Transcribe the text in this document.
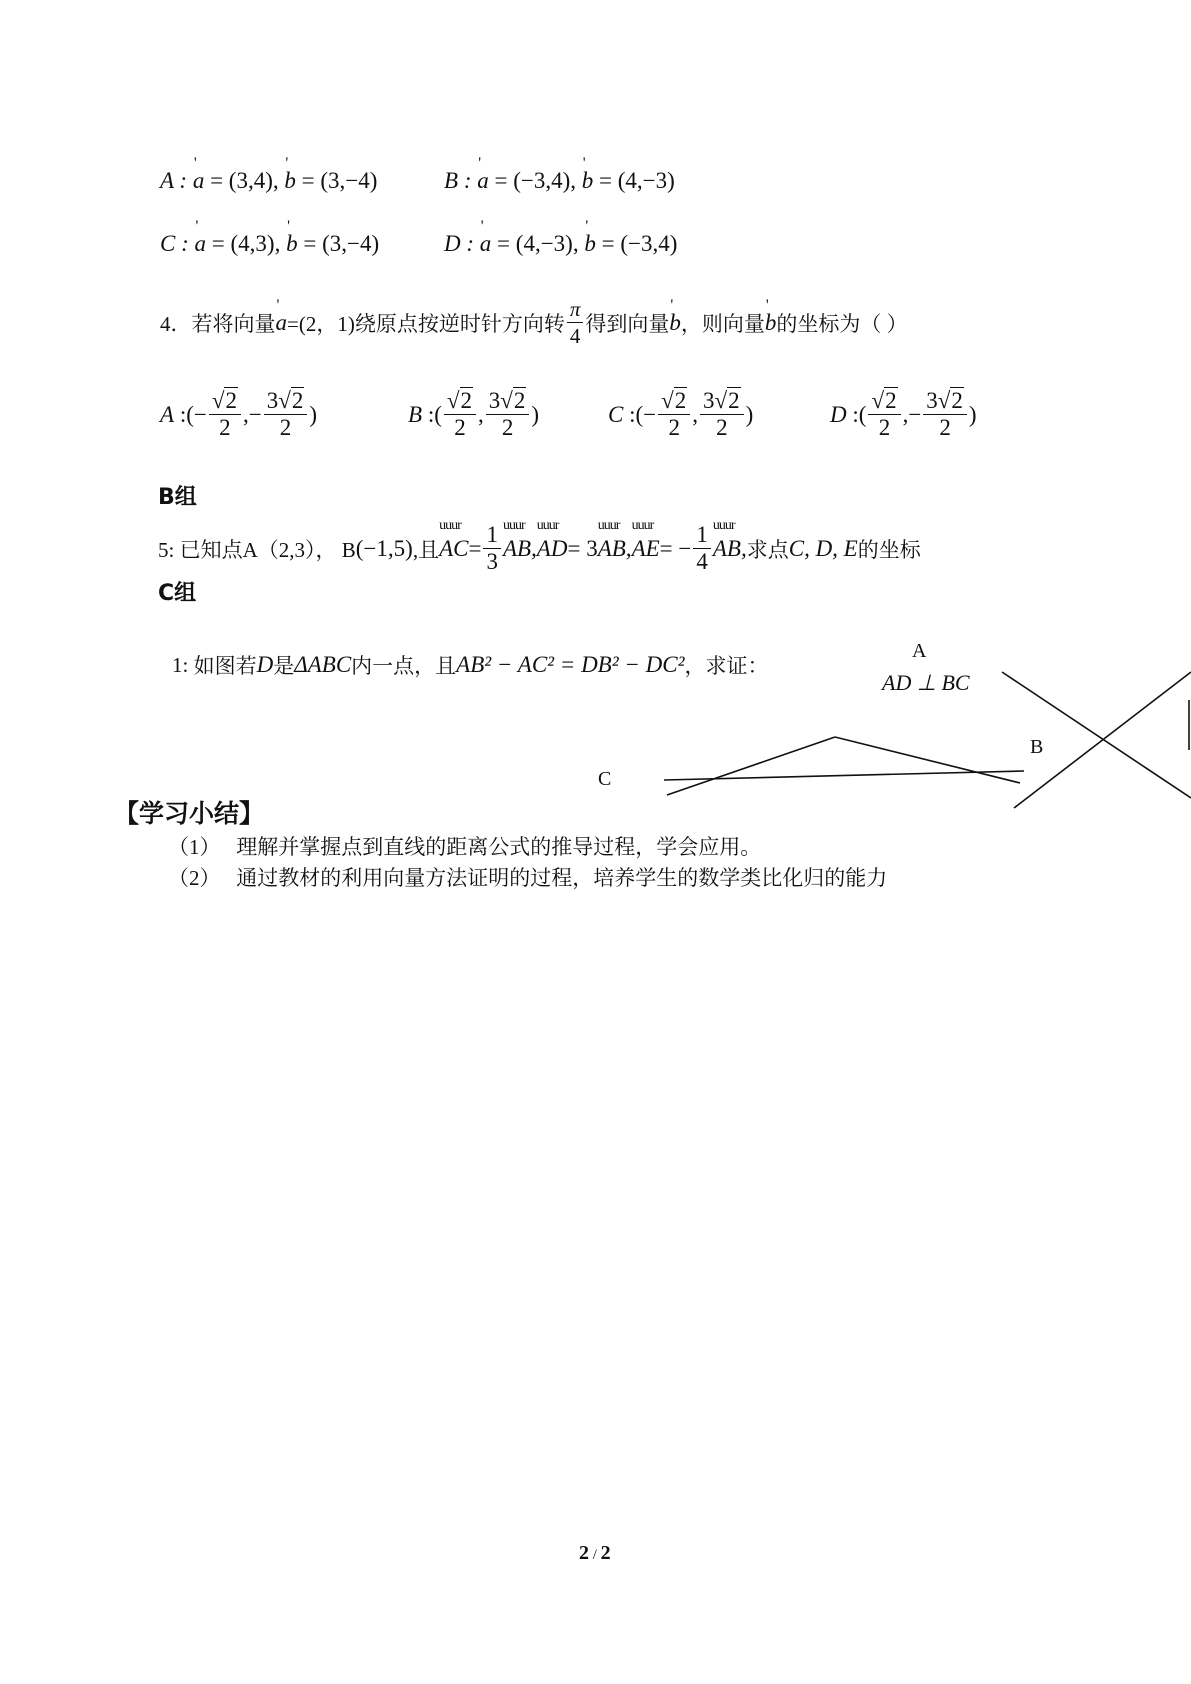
A : ' a = (3,4), ' b = (3,−4)	B : ' a = (−3,4), ' b = (4,−3)
C : ' a = (4,3), ' b = (3,−4)	D : ' a = (4,−3), ' b = (−3,4)
4．若将向量 ' a =(2，1)绕原点按逆时针方向转 $\frac{\pi}{4}$ 得到向量 ' b ，则向量 ' b 的坐标为（ ）
A : (− $\frac{√2}{2}$ ,− $\frac{3√2}{2}$ )	B : ( $\frac{√2}{2}$ , $\frac{3√2}{2}$ )	C : (− $\frac{√2}{2}$ , $\frac{3√2}{2}$ )	D : ( $\frac{√2}{2}$ ,− $\frac{3√2}{2}$ )
B组
5: 已知点A（2,3）， B (−1,5) ,且
uuur
AC = $\frac{1}{3}$ uuur
AB,
uuur
AD = 3
uuur
AB,
uuur
AE = − $\frac{1}{4}$ uuur
AB, 求点 C, D, E 的坐标
C组
1:
如图若 D 是 ΔABC 内一点，且 AB² − AC² = DB² − DC² ，求证：
A
AD ⊥ BC
B
C
【学习小结】
（1） 理解并掌握点到直线的距离公式的推导过程，学会应用。
（2） 通过教材的利用向量方法证明的过程，培养学生的数学类比化归的能力
2 / 2
